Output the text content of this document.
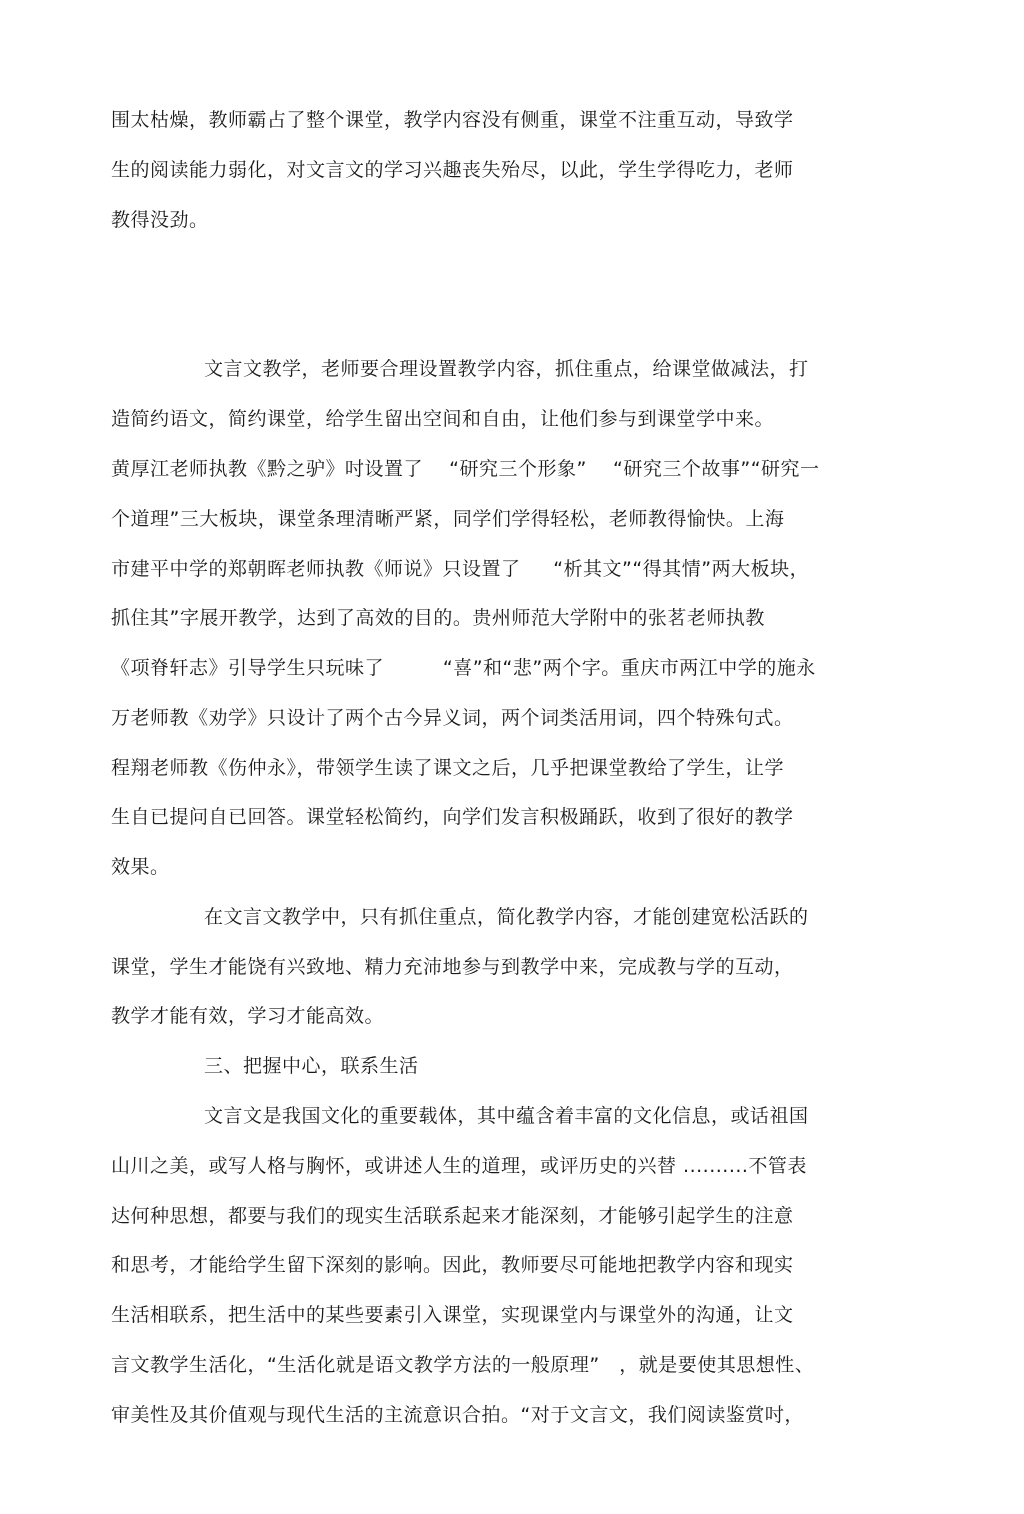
围太枯燥，教师霸占了整个课堂，教学内容没有侧重，课堂不注重互动，导致学
生的阅读能力弱化，对文言文的学习兴趣丧失殆尽，以此，学生学得吃力，老师
教得没劲。
文言文教学，老师要合理设置教学内容，抓住重点，给课堂做减法，打
造简约语文，简约课堂，给学生留出空间和自由，让他们参与到课堂学中来。
黄厚江老师执教《黔之驴》吋设置了    “研究三个形象”    “研究三个故事”“研究一
个道理”三大板块，课堂条理清晰严紧，同学们学得轻松，老师教得愉快。上海
市建平中学的郑朝晖老师执教《师说》只设置了     “析其文”“得其情”两大板块，
抓住其”字展开教学，达到了高效的目的。贵州师范大学附中的张茗老师执教
《项脊轩志》引导学生只玩味了         “喜”和“悲”两个字。重庆市两江中学的施永
万老师教《劝学》只设计了两个古今异义词，两个词类活用词，四个特殊句式。
程翔老师教《伤仲永》，带领学生读了课文之后，几乎把课堂教给了学生，让学
生自已提问自已回答。课堂轻松简约，向学们发言积极踊跃，收到了很好的教学
效果。
在文言文教学中，只有抓住重点，简化教学内容，才能创建宽松活跃的
课堂，学生才能饶有兴致地、精力充沛地参与到教学中来，完成教与学的互动，
教学才能有效，学习才能高效。
三、把握中心，联系生活
文言文是我国文化的重要载体，其中蕴含着丰富的文化信息，或话祖国
山川之美，或写人格与胸怀，或讲述人生的道理，或评历史的兴替 ..........不管表
达何种思想，都要与我们的现实生活联系起来才能深刻，才能够引起学生的注意
和思考，才能给学生留下深刻的影响。因此，教师要尽可能地把教学内容和现实
生活相联系，把生活中的某些要素引入课堂，实现课堂内与课堂外的沟通，让文
言文教学生活化，“生活化就是语文教学方法的一般原理”   ，就是要使其思想性、
审美性及其价值观与现代生活的主流意识合拍。“对于文言文，我们阅读鉴赏吋，
